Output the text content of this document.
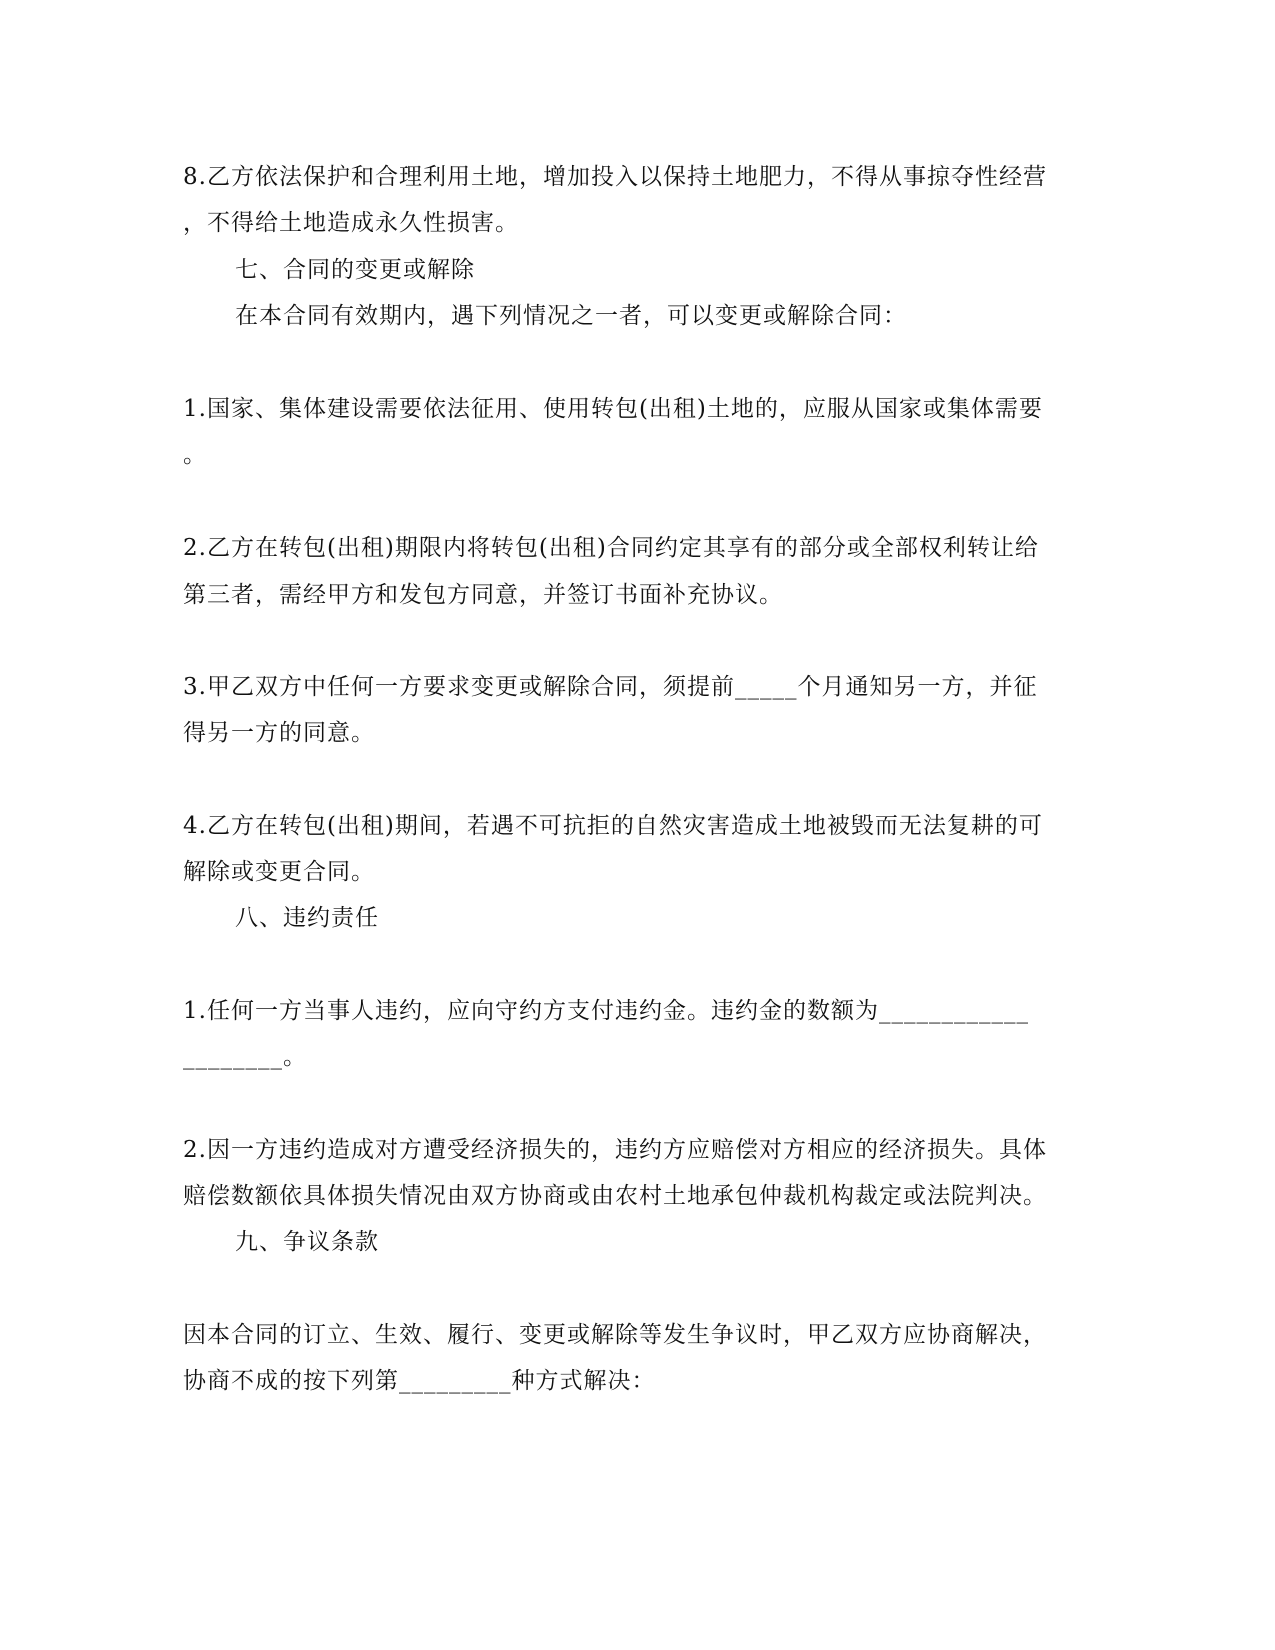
8.乙方依法保护和合理利用土地，增加投入以保持土地肥力，不得从事掠夺性经营
，不得给土地造成永久性损害。
七、合同的变更或解除
在本合同有效期内，遇下列情况之一者，可以变更或解除合同：
1.国家、集体建设需要依法征用、使用转包(出租)土地的，应服从国家或集体需要
。
2.乙方在转包(出租)期限内将转包(出租)合同约定其享有的部分或全部权利转让给
第三者，需经甲方和发包方同意，并签订书面补充协议。
3.甲乙双方中任何一方要求变更或解除合同，须提前_____个月通知另一方，并征
得另一方的同意。
4.乙方在转包(出租)期间，若遇不可抗拒的自然灾害造成土地被毁而无法复耕的可
解除或变更合同。
八、违约责任
1.任何一方当事人违约，应向守约方支付违约金。违约金的数额为____________
________。
2.因一方违约造成对方遭受经济损失的，违约方应赔偿对方相应的经济损失。具体
赔偿数额依具体损失情况由双方协商或由农村土地承包仲裁机构裁定或法院判决。
九、争议条款
因本合同的订立、生效、履行、变更或解除等发生争议时，甲乙双方应协商解决，
协商不成的按下列第_________种方式解决：
